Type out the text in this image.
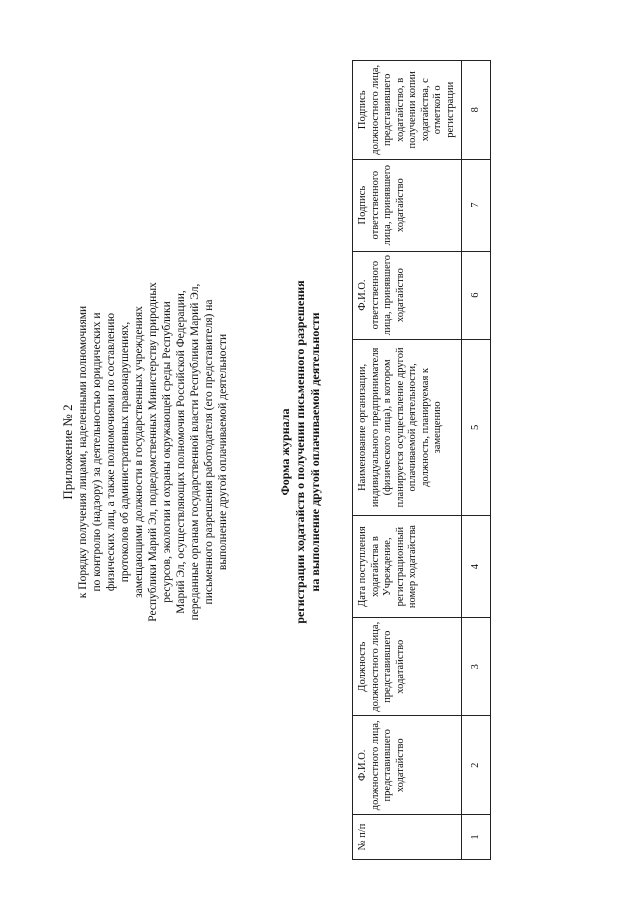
Приложение № 2 к Порядку получения лицами, наделенными полномочиями по контролю (надзору) за деятельностью юридических и физических лиц, а также полномочиями по составлению протоколов об административных правонарушениях, замещающими должности в государственных учреждениях Республики Марий Эл, подведомственных Министерству природных ресурсов, экологии и охраны окружающей среды Республики Марий Эл, осуществляющих полномочия Российской Федерации, переданные органам государственной власти Республики Марий Эл, письменного разрешения работодателя (его представителя) на выполнение другой оплачиваемой деятельности	Форма журнала регистрации ходатайств о получении письменного разрешения на выполнение другой оплачиваемой деятельности
№ п/п	Ф.И.О. должностного лица, представившего ходатайство	Должность должностного лица, представившего ходатайство	Дата поступления ходатайства в Учреждение, регистрационный номер ходатайства	Наименование организации, индивидуального предпринимателя (физического лица), в котором планируется осуществление другой оплачиваемой деятельности, должность, планируемая к замещению	Ф.И.О. ответственного лица, принявшего ходатайство	Подпись ответственного лица, принявшего ходатайство	Подпись должностного лица, представившего ходатайство, в получении копии ходатайства, с отметкой о регистрации
1	2	3	4	5	6	7	8
